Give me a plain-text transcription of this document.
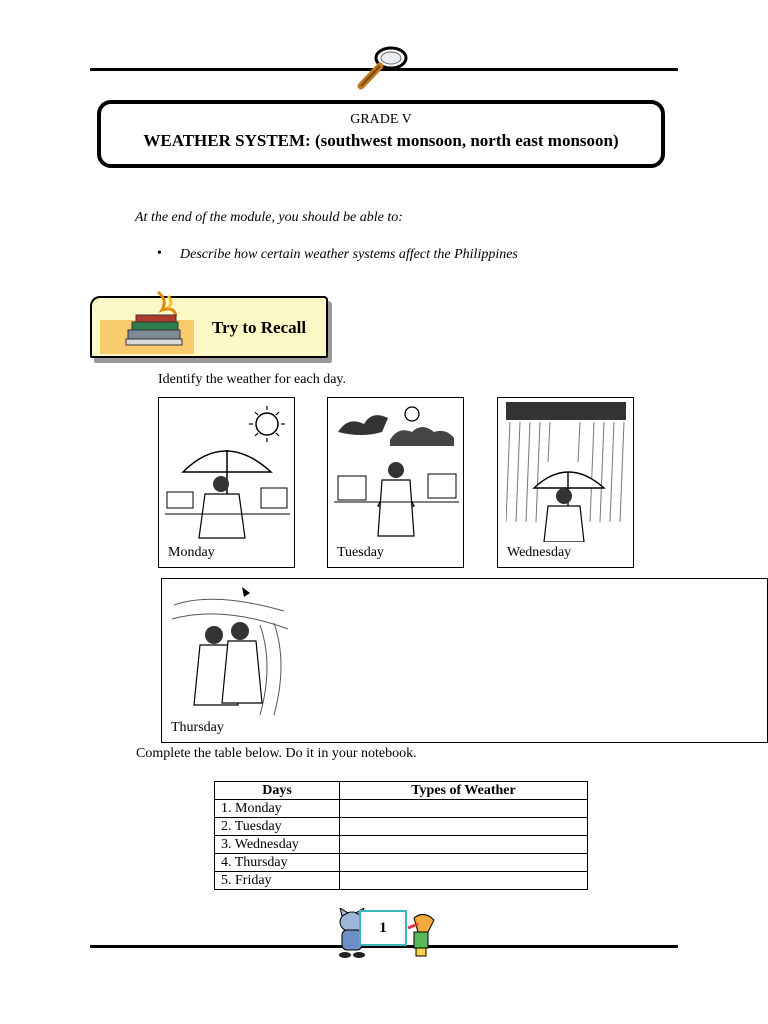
GRADE V
WEATHER SYSTEM: (southwest monsoon, north east monsoon)
At the end of the module, you should be able to:
• Describe how certain weather systems affect the Philippines
Try to Recall
Identify the weather for each day.
Monday	Tuesday	Wednesday
Thursday
Complete the table below. Do it in your notebook.
Days	Types of Weather
1. Monday	
2. Tuesday	
3. Wednesday	
4. Thursday	
5. Friday	
1
